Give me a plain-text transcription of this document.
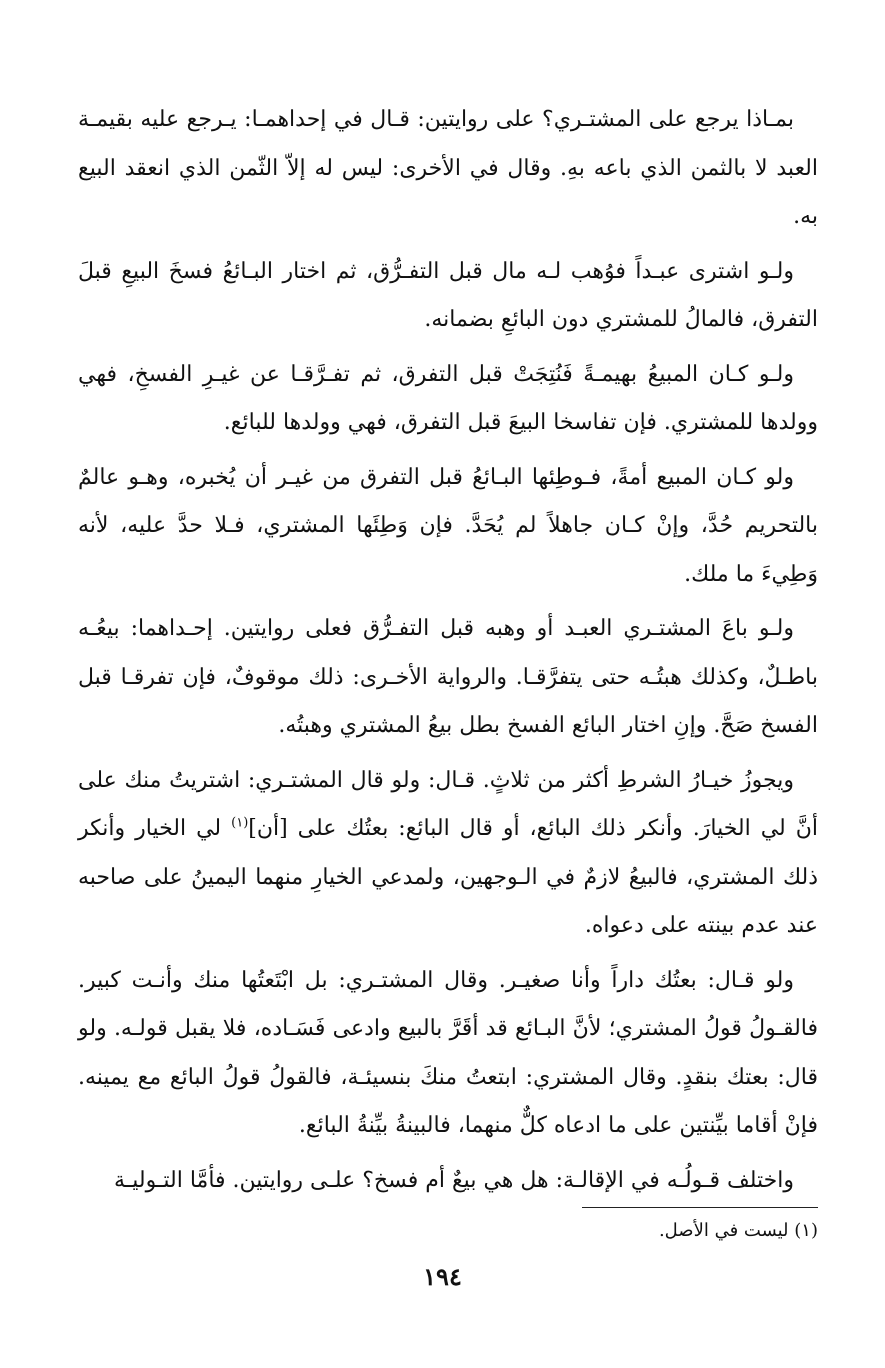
بمـاذا يرجع على المشتـري؟ على روايتين: قـال في إحداهمـا: يـرجع عليه بقيمـة العبد لا بالثمن الذي باعه بهِ. وقال في الأخرى: ليس له إلاّ الثّمن الذي انعقد البيع به.

ولـو اشترى عبـداً فوُهب لـه مال قبل التفـرُّق، ثم اختار البـائعُ فسخَ البيعِ قبلَ التفرق، فالمالُ للمشتري دون البائعِ بضمانه.

ولـو كـان المبيعُ بهيمـةً فَنُتِجَتْ قبل التفرق، ثم تفـرَّقـا عن غيـرِ الفسخِ، فهي وولدها للمشتري. فإن تفاسخا البيعَ قبل التفرق، فهي وولدها للبائع.

ولو كـان المبيع أمةً، فـوطِئها البـائعُ قبل التفرق من غيـر أن يُخبره، وهـو عالمٌ بالتحريم حُدَّ، وإنْ كـان جاهلاً لم يُحَدَّ. فإن وَطِئَها المشتري، فـلا حدَّ عليه، لأنه وَطِيءَ ما ملك.

ولـو باعَ المشتـري العبـد أو وهبه قبل التفـرُّق فعلى روايتين. إحـداهما: بيعُـه باطـلٌ، وكذلك هبتُـه حتى يتفرَّقـا. والرواية الأخـرى: ذلك موقوفٌ، فإن تفرقـا قبل الفسخ صَحَّ. وإنِ اختار البائع الفسخ بطل بيعُ المشتري وهبتُه.

ويجوزُ خيـارُ الشرطِ أكثر من ثلاثٍ. قـال: ولو قال المشتـري: اشتريتُ منك على أنَّ لي الخيارَ. وأنكر ذلك البائع، أو قال البائع: بعتُك على [أن]$^{(١)}$ لي الخيار وأنكر ذلك المشتري، فالبيعُ لازمٌ في الـوجهين، ولمدعي الخيارِ منهما اليمينُ على صاحبه عند عدم بينته على دعواه.

ولو قـال: بعتُك داراً وأنا صغيـر. وقال المشتـري: بل ابْتَعتُها منك وأنـت كبير. فالقـولُ قولُ المشتري؛ لأنَّ البـائع قد أقَرَّ بالبيع وادعى فَسَـاده، فلا يقبل قولـه. ولو قال: بعتك بنقدٍ. وقال المشتري: ابتعتُ منكَ بنسيئـة، فالقولُ قولُ البائع مع يمينه. فإنْ أقاما بيِّنتين على ما ادعاه كلٌّ منهما، فالبينةُ بيِّنةُ البائع.

واختلف قـولُـه في الإقالـة: هل هي بيعٌ أم فسخ؟ علـى روايتين. فأمَّا التـوليـة

(١) ليست في الأصل.
١٩٤
